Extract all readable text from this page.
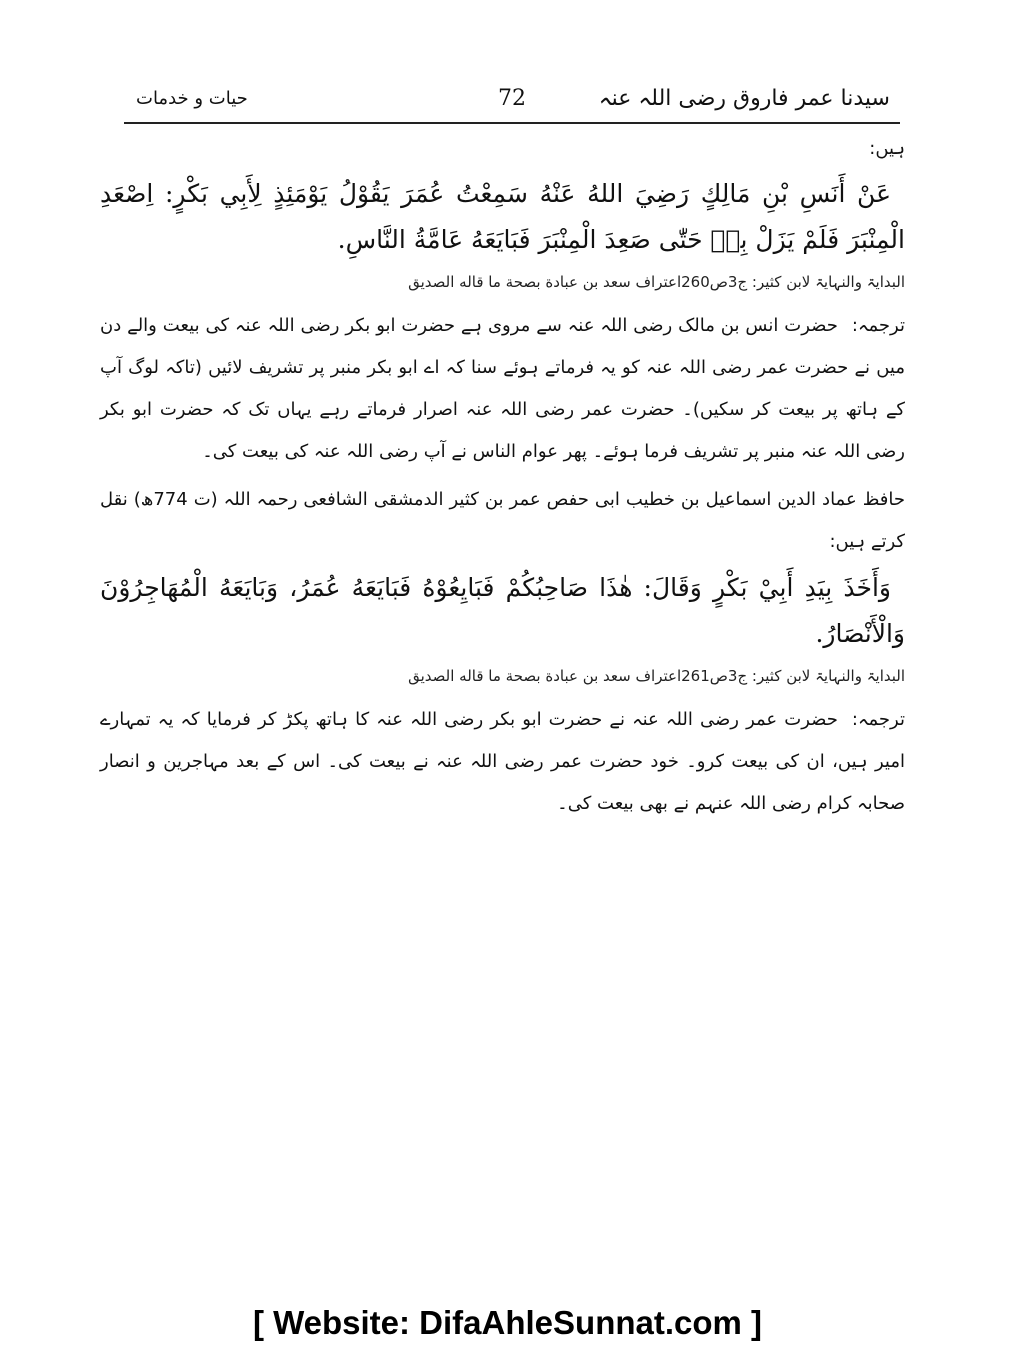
سیدنا عمر فاروق رضی اللہ عنہ
72
حیات و خدمات

ہیں:

عَنْ أَنَسِ بْنِ مَالِكٍ رَضِيَ اللهُ عَنْهُ سَمِعْتُ عُمَرَ يَقُوْلُ يَوْمَئِذٍ لِأَبِي بَكْرٍ: اِصْعَدِ الْمِنْبَرَ فَلَمْ يَزَلْ بِهٖ حَتّٰى صَعِدَ الْمِنْبَرَ فَبَايَعَهُ عَامَّةُ النَّاسِ.

البدایۃ والنہایۃ لابن کثیر: ج3ص260اعتراف سعد بن عبادة بصحة ما قاله الصديق

ترجمہ:حضرت انس بن مالک رضی اللہ عنہ سے مروی ہے حضرت ابو بکر رضی اللہ عنہ کی بیعت والے دن میں نے حضرت عمر رضی اللہ عنہ کو یہ فرماتے ہوئے سنا کہ اے ابو بکر منبر پر تشریف لائیں (تاکہ لوگ آپ کے ہاتھ پر بیعت کر سکیں)۔ حضرت عمر رضی اللہ عنہ اصرار فرماتے رہے یہاں تک کہ حضرت ابو بکر رضی اللہ عنہ منبر پر تشریف فرما ہوئے۔ پھر عوام الناس نے آپ رضی اللہ عنہ کی بیعت کی۔

حافظ عماد الدین اسماعیل بن خطیب ابی حفص عمر بن کثیر الدمشقی الشافعی رحمہ اللہ (ت 774ھ) نقل کرتے ہیں:

وَأَخَذَ بِيَدِ أَبِيْ بَكْرٍ وَقَالَ: هٰذَا صَاحِبُكُمْ فَبَايِعُوْهُ فَبَايَعَهُ عُمَرُ، وَبَايَعَهُ الْمُهَاجِرُوْنَ وَالْأَنْصَارُ.

البدایۃ والنہایۃ لابن کثیر: ج3ص261اعتراف سعد بن عبادة بصحة ما قاله الصديق

ترجمہ:حضرت عمر رضی اللہ عنہ نے حضرت ابو بکر رضی اللہ عنہ کا ہاتھ پکڑ کر فرمایا کہ یہ تمہارے امیر ہیں، ان کی بیعت کرو۔ خود حضرت عمر رضی اللہ عنہ نے بیعت کی۔ اس کے بعد مہاجرین و انصار صحابہ کرام رضی اللہ عنہم نے بھی بیعت کی۔

[ Website: DifaAhleSunnat.com ]
